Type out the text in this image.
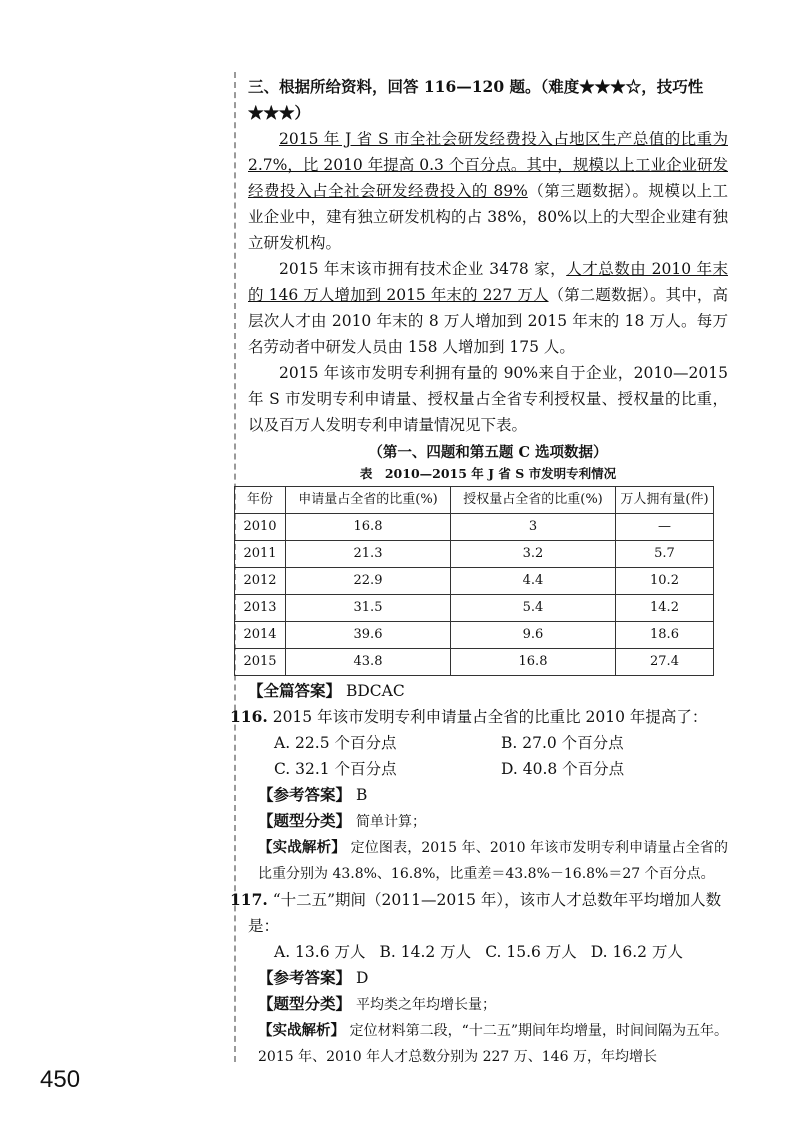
三、根据所给资料，回答 116—120 题。（难度★★★☆，技巧性★★★）

2015 年 J 省 S 市全社会研发经费投入占地区生产总值的比重为 2.7%，比 2010 年提高 0.3 个百分点。其中，规模以上工业企业研发经费投入占全社会研发经费投入的 89%（第三题数据）。规模以上工业企业中，建有独立研发机构的占 38%，80%以上的大型企业建有独立研发机构。

2015 年末该市拥有技术企业 3478 家，人才总数由 2010 年末的 146 万人增加到 2015 年末的 227 万人（第二题数据）。其中，高层次人才由 2010 年末的 8 万人增加到 2015 年末的 18 万人。每万名劳动者中研发人员由 158 人增加到 175 人。

2015 年该市发明专利拥有量的 90%来自于企业，2010—2015 年 S 市发明专利申请量、授权量占全省专利授权量、授权量的比重，以及百万人发明专利申请量情况见下表。

（第一、四题和第五题 C 选项数据）
表　2010—2015 年 J 省 S 市发明专利情况
年份	申请量占全省的比重(%)	授权量占全省的比重(%)	万人拥有量(件)
2010	16.8	3	—
2011	21.3	3.2	5.7
2012	22.9	4.4	10.2
2013	31.5	5.4	14.2
2014	39.6	9.6	18.6
2015	43.8	16.8	27.4

【全篇答案】 BDCAC

116. 2015 年该市发明专利申请量占全省的比重比 2010 年提高了：

A. 22.5 个百分点	B. 27.0 个百分点
C. 32.1 个百分点	D. 40.8 个百分点

【参考答案】 B

【题型分类】 简单计算；

【实战解析】 定位图表，2015 年、2010 年该市发明专利申请量占全省的比重分别为 43.8%、16.8%，比重差＝43.8%－16.8%＝27 个百分点。

117. “十二五”期间（2011—2015 年），该市人才总数年平均增加人数是：

A. 13.6 万人 B. 14.2 万人 C. 15.6 万人 D. 16.2 万人

【参考答案】 D

【题型分类】 平均类之年均增长量；

【实战解析】 定位材料第二段，“十二五”期间年均增量，时间间隔为五年。2015 年、2010 年人才总数分别为 227 万、146 万，年均增长

450
